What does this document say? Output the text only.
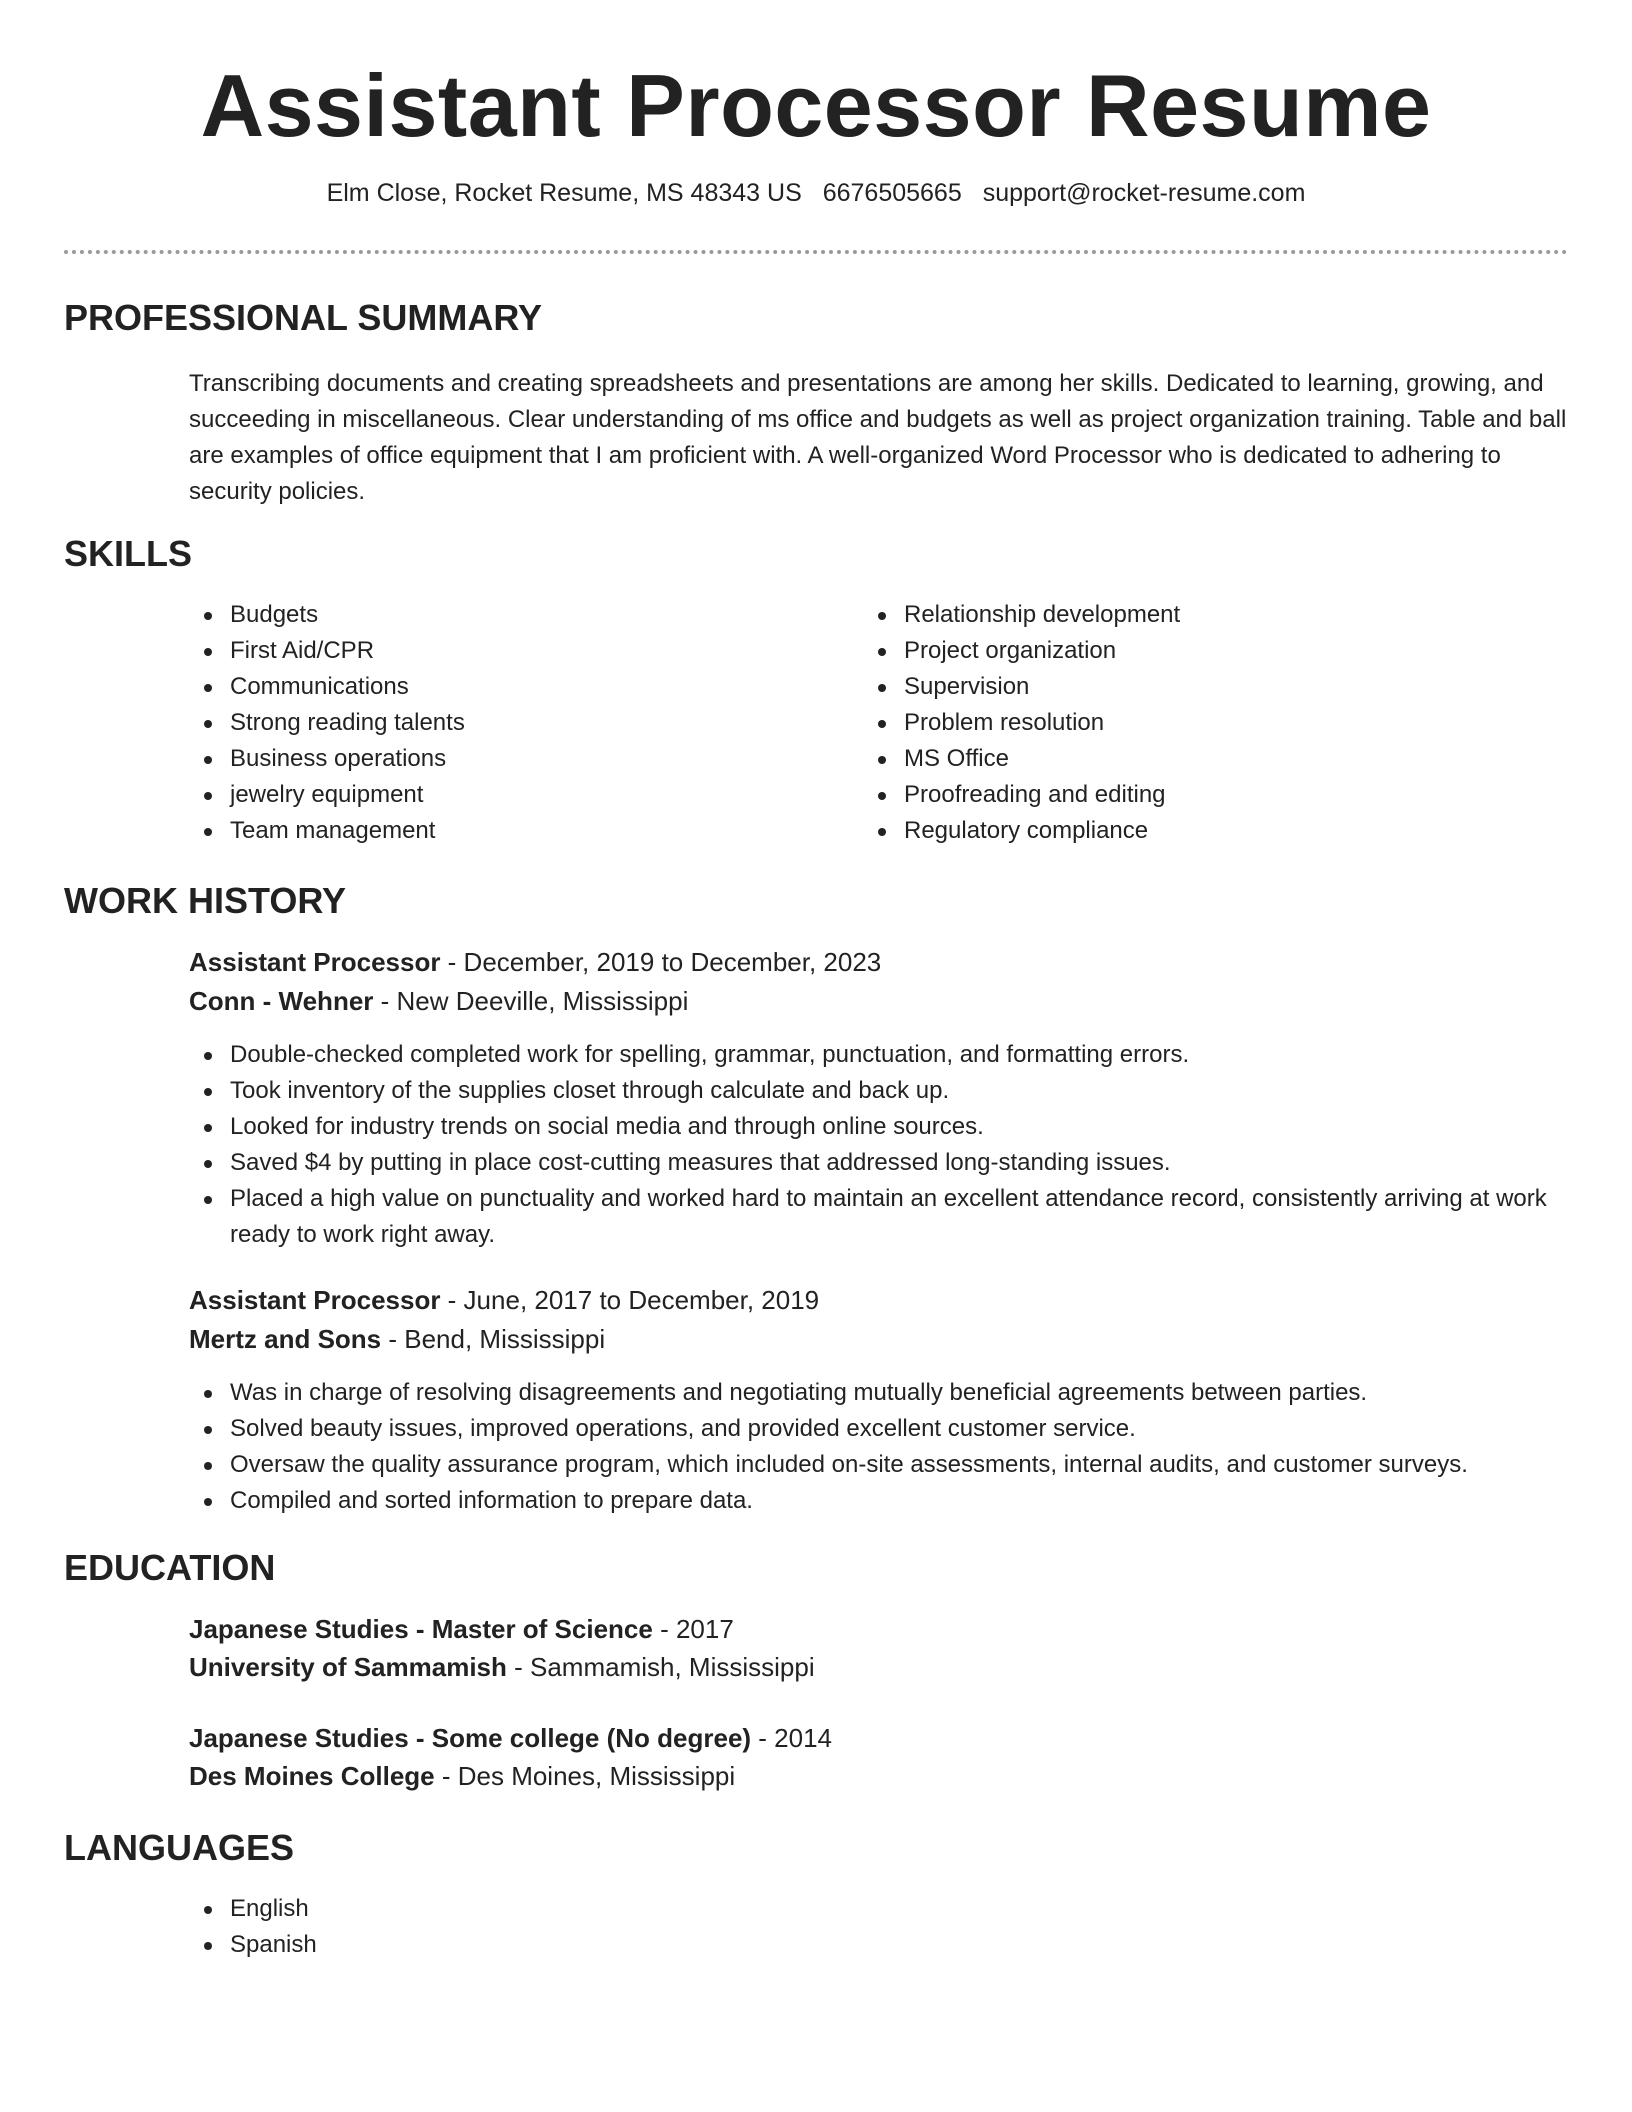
Assistant Processor Resume
Elm Close, Rocket Resume, MS 48343 US 6676505665 support@rocket-resume.com
PROFESSIONAL SUMMARY

Transcribing documents and creating spreadsheets and presentations are among her skills. Dedicated to learning, growing, and succeeding in miscellaneous. Clear understanding of ms office and budgets as well as project organization training. Table and ball are examples of office equipment that I am proficient with. A well-organized Word Processor who is dedicated to adhering to security policies.

SKILLS
Budgets
First Aid/CPR
Communications
Strong reading talents
Business operations
jewelry equipment
Team management
Relationship development
Project organization
Supervision
Problem resolution
MS Office
Proofreading and editing
Regulatory compliance
WORK HISTORY
Assistant Processor - December, 2019 to December, 2023
Conn - Wehner - New Deeville, Mississippi
Double-checked completed work for spelling, grammar, punctuation, and formatting errors.
Took inventory of the supplies closet through calculate and back up.
Looked for industry trends on social media and through online sources.
Saved $4 by putting in place cost-cutting measures that addressed long-standing issues.
Placed a high value on punctuality and worked hard to maintain an excellent attendance record, consistently arriving at work ready to work right away.
Assistant Processor - June, 2017 to December, 2019
Mertz and Sons - Bend, Mississippi
Was in charge of resolving disagreements and negotiating mutually beneficial agreements between parties.
Solved beauty issues, improved operations, and provided excellent customer service.
Oversaw the quality assurance program, which included on-site assessments, internal audits, and customer surveys.
Compiled and sorted information to prepare data.
EDUCATION
Japanese Studies - Master of Science - 2017
University of Sammamish - Sammamish, Mississippi
Japanese Studies - Some college (No degree) - 2014
Des Moines College - Des Moines, Mississippi
LANGUAGES
English
Spanish
